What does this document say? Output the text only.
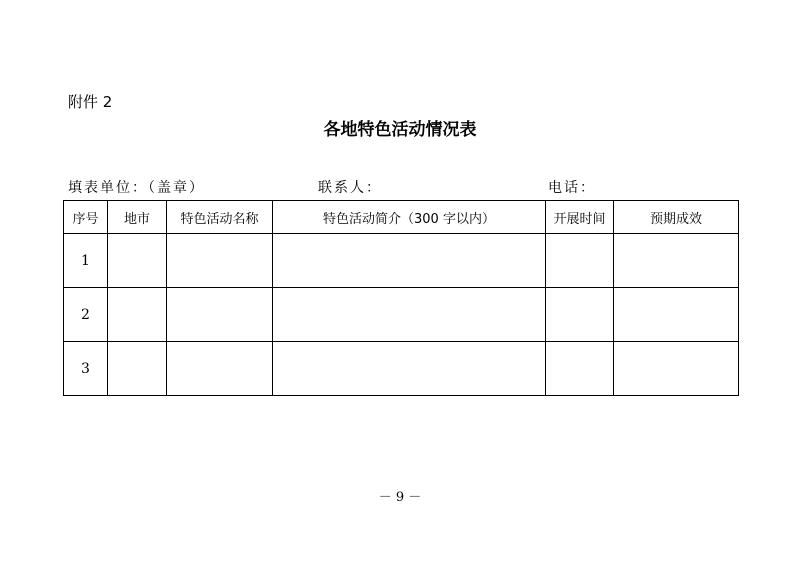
附件 2
各地特色活动情况表
填表单位：（盖章）	联系人：	电话：
序号	地市	特色活动名称	特色活动简介（300 字以内）	开展时间	预期成效
1					
2					
3					
－ 9 －
